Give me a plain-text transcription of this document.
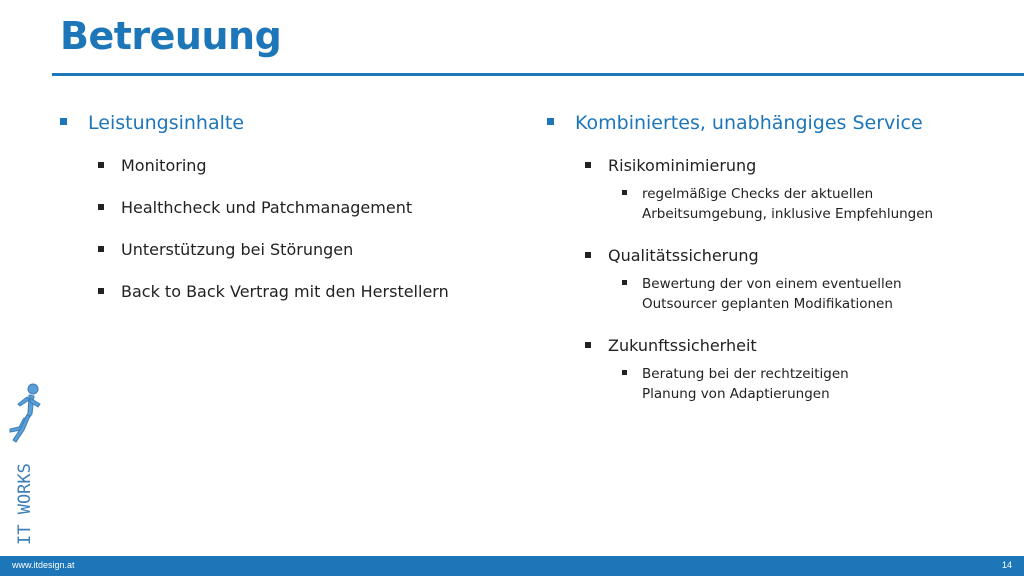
Betreuung
Leistungsinhalte
Monitoring
Healthcheck und Patchmanagement
Unterstützung bei Störungen
Back to Back Vertrag mit den Herstellern
Kombiniertes, unabhängiges Service
Risikominimierung
regelmäßige Checks der aktuellen
Arbeitsumgebung, inklusive Empfehlungen
Qualitätssicherung
Bewertung der von einem eventuellen
Outsourcer geplanten Modifikationen
Zukunftssicherheit
Beratung bei der rechtzeitigen
Planung von Adaptierungen
IT WORKS
www.itdesign.at	14
